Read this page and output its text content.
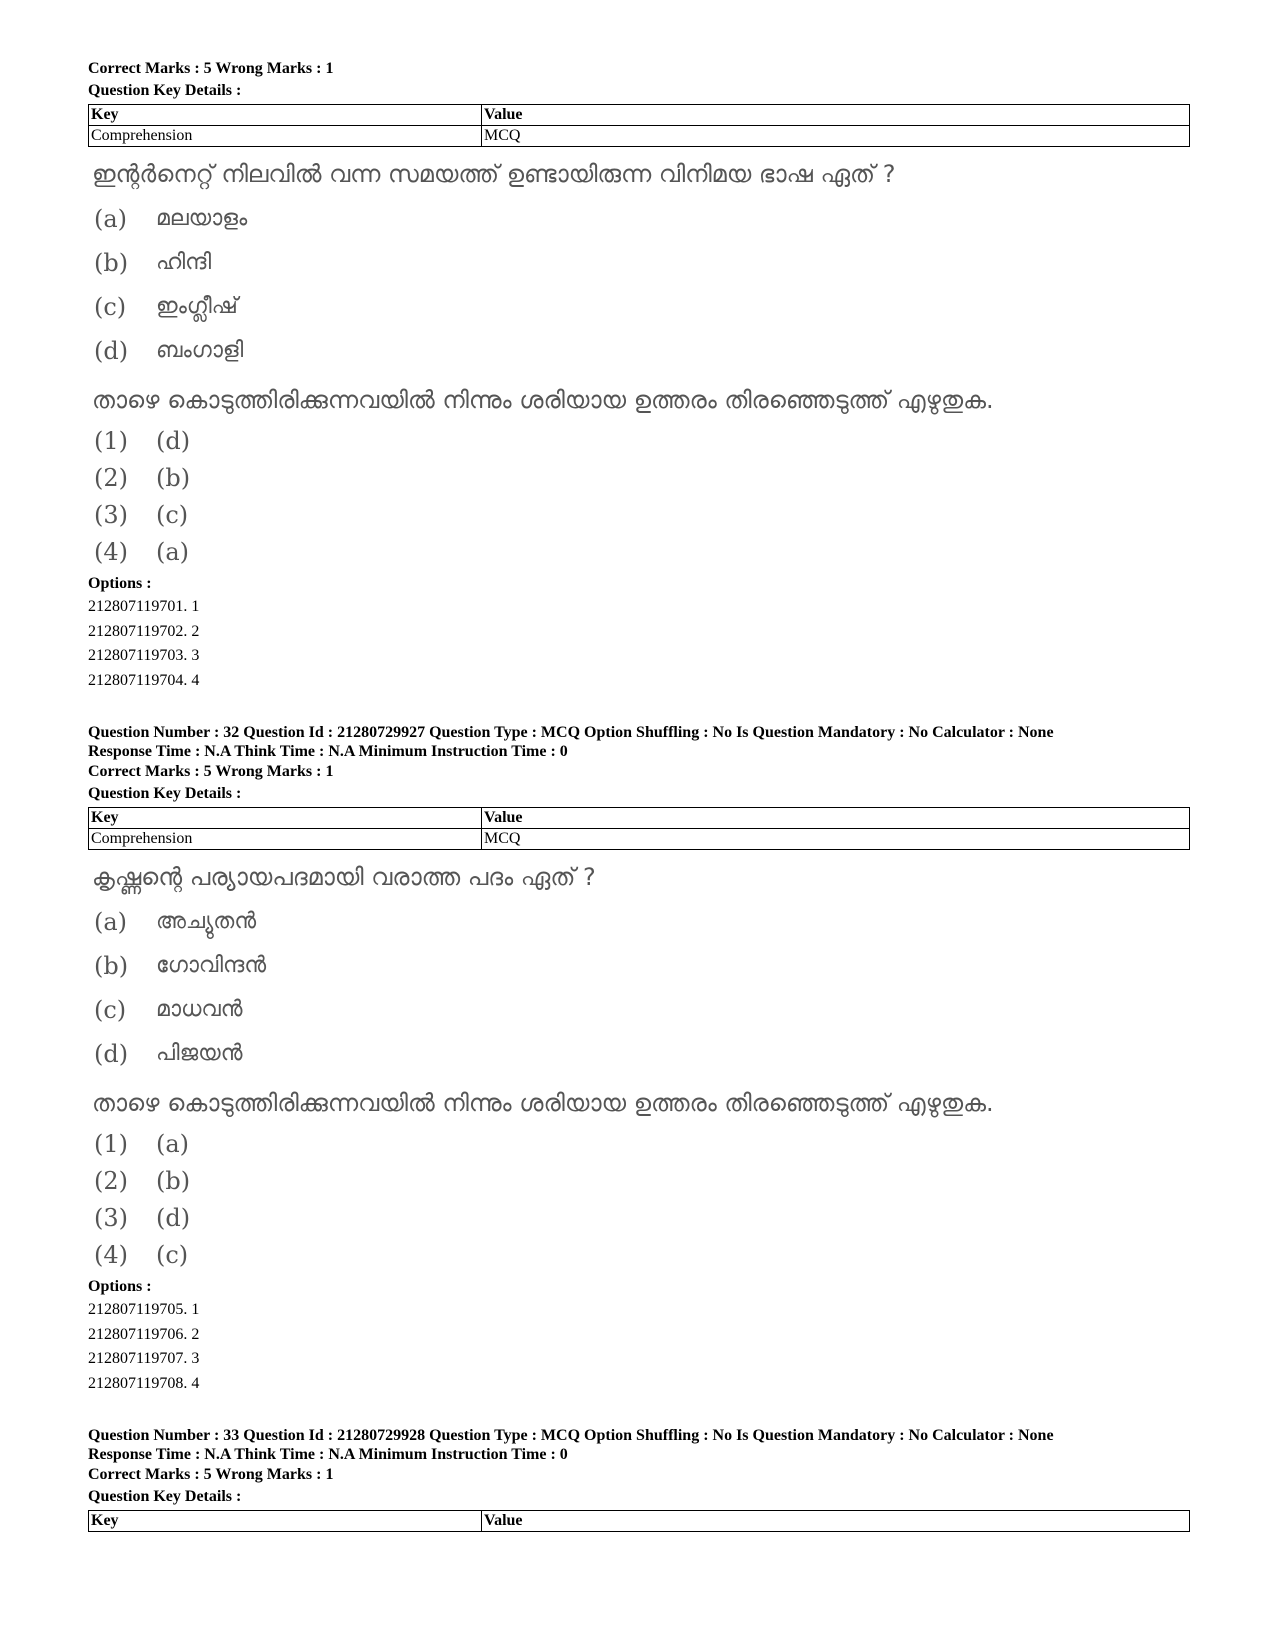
Correct Marks : 5 Wrong Marks : 1
Question Key Details :
Key	Value
Comprehension	MCQ
ഇന്റർനെറ്റ് നിലവിൽ വന്ന സമയത്ത് ഉണ്ടായിരുന്ന വിനിമയ ഭാഷ ഏത് ?
(a)	മലയാളം
(b)	ഹിന്ദി
(c)	ഇംഗ്ലീഷ്
(d)	ബംഗാളി
താഴെ കൊടുത്തിരിക്കുന്നവയിൽ നിന്നും ശരിയായ ഉത്തരം തിരഞ്ഞെടുത്ത് എഴുതുക.
(1)	(d)
(2)	(b)
(3)	(c)
(4)	(a)
Options :
212807119701. 1
212807119702. 2
212807119703. 3
212807119704. 4
Question Number : 32 Question Id : 21280729927 Question Type : MCQ Option Shuffling : No Is Question Mandatory : No Calculator : None
Response Time : N.A Think Time : N.A Minimum Instruction Time : 0
Correct Marks : 5 Wrong Marks : 1
Question Key Details :
Key	Value
Comprehension	MCQ
കൃഷ്ണന്റെ പര്യായപദമായി വരാത്ത പദം ഏത് ?
(a)	അച്യുതൻ
(b)	ഗോവിന്ദൻ
(c)	മാധവൻ
(d)	പിജയൻ
താഴെ കൊടുത്തിരിക്കുന്നവയിൽ നിന്നും ശരിയായ ഉത്തരം തിരഞ്ഞെടുത്ത് എഴുതുക.
(1)	(a)
(2)	(b)
(3)	(d)
(4)	(c)
Options :
212807119705. 1
212807119706. 2
212807119707. 3
212807119708. 4
Question Number : 33 Question Id : 21280729928 Question Type : MCQ Option Shuffling : No Is Question Mandatory : No Calculator : None
Response Time : N.A Think Time : N.A Minimum Instruction Time : 0
Correct Marks : 5 Wrong Marks : 1
Question Key Details :
Key	Value
